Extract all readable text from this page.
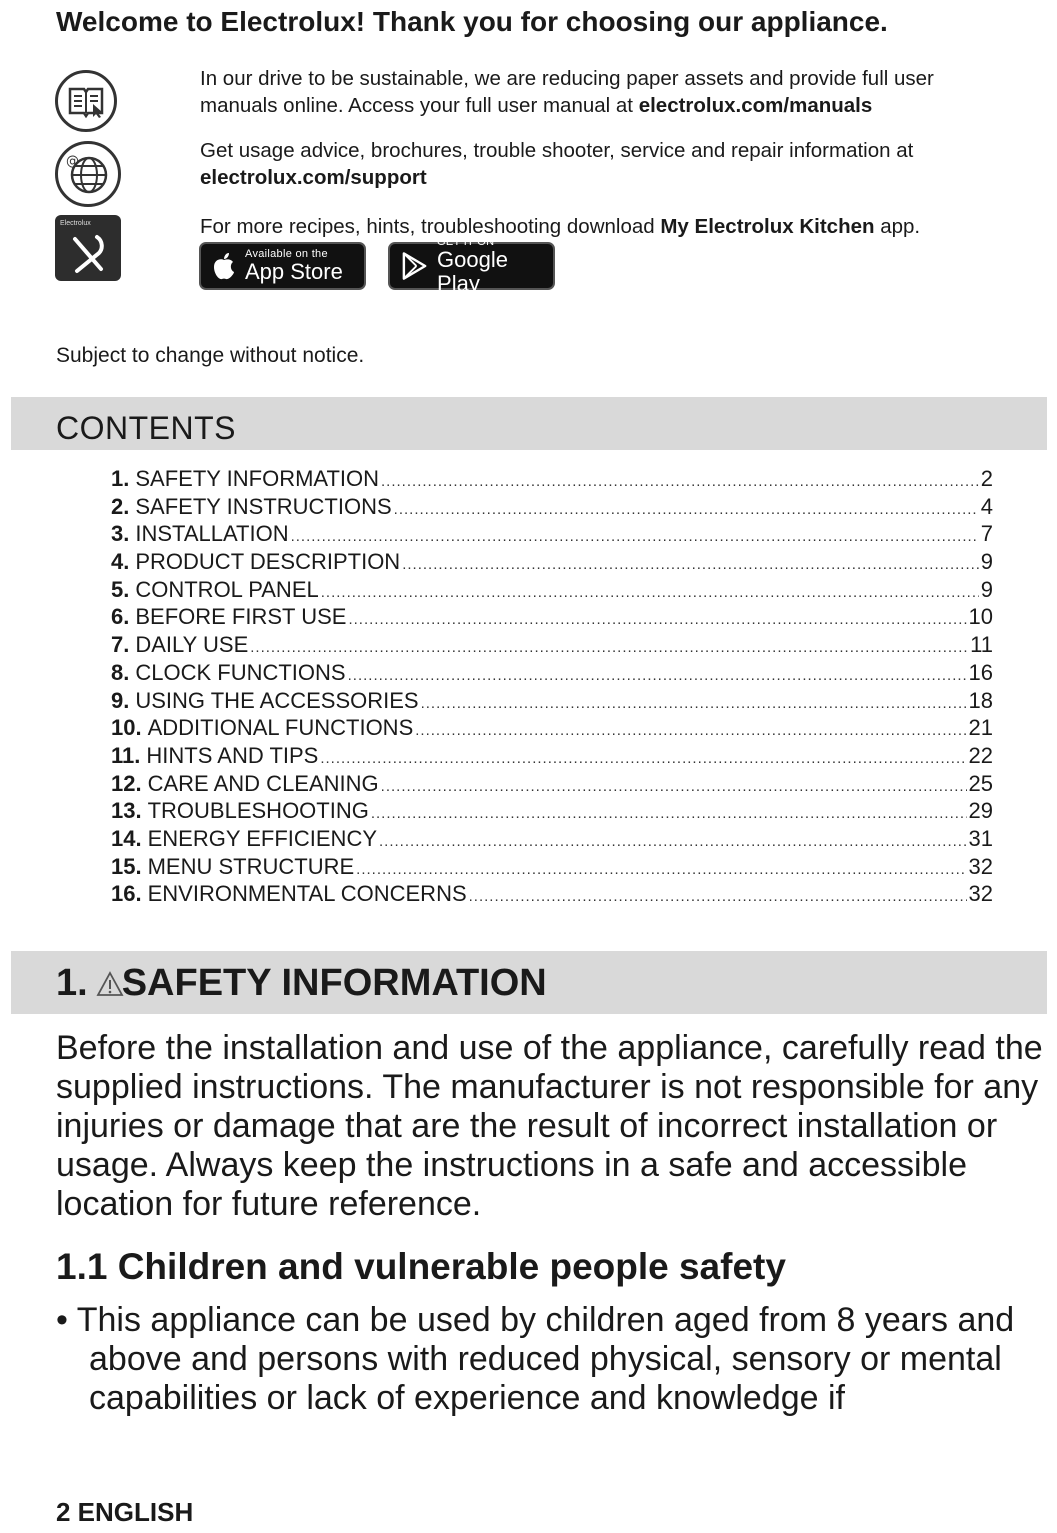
Welcome to Electrolux! Thank you for choosing our appliance.
In our drive to be sustainable, we are reducing paper assets and provide full user manuals online. Access your full user manual at electrolux.com/manuals
@	Get usage advice, brochures, trouble shooter, service and repair information at
electrolux.com/support
Electrolux	For more recipes, hints, troubleshooting download My Electrolux Kitchen app.
Available on the
App Store
GET IT ON
Google Play
Subject to change without notice.
CONTENTS
1. SAFETY INFORMATION .....	2
2. SAFETY INSTRUCTIONS .....	4
3. INSTALLATION .....	7
4. PRODUCT DESCRIPTION .....	9
5. CONTROL PANEL .....	9
6. BEFORE FIRST USE .....	10
7. DAILY USE .....	11
8. CLOCK FUNCTIONS .....	16
9. USING THE ACCESSORIES .....	18
10. ADDITIONAL FUNCTIONS .....	21
11. HINTS AND TIPS .....	22
12. CARE AND CLEANING .....	25
13. TROUBLESHOOTING .....	29
14. ENERGY EFFICIENCY .....	31
15. MENU STRUCTURE .....	32
16. ENVIRONMENTAL CONCERNS .....	32
1. SAFETY INFORMATION
Before the installation and use of the appliance, carefully read the supplied instructions. The manufacturer is not responsible for any injuries or damage that are the result of incorrect installation or usage. Always keep the instructions in a safe and accessible location for future reference.
1.1 Children and vulnerable people safety
• This appliance can be used by children aged from 8 years and above and persons with reduced physical, sensory or mental capabilities or lack of experience and knowledge if
2 ENGLISH
